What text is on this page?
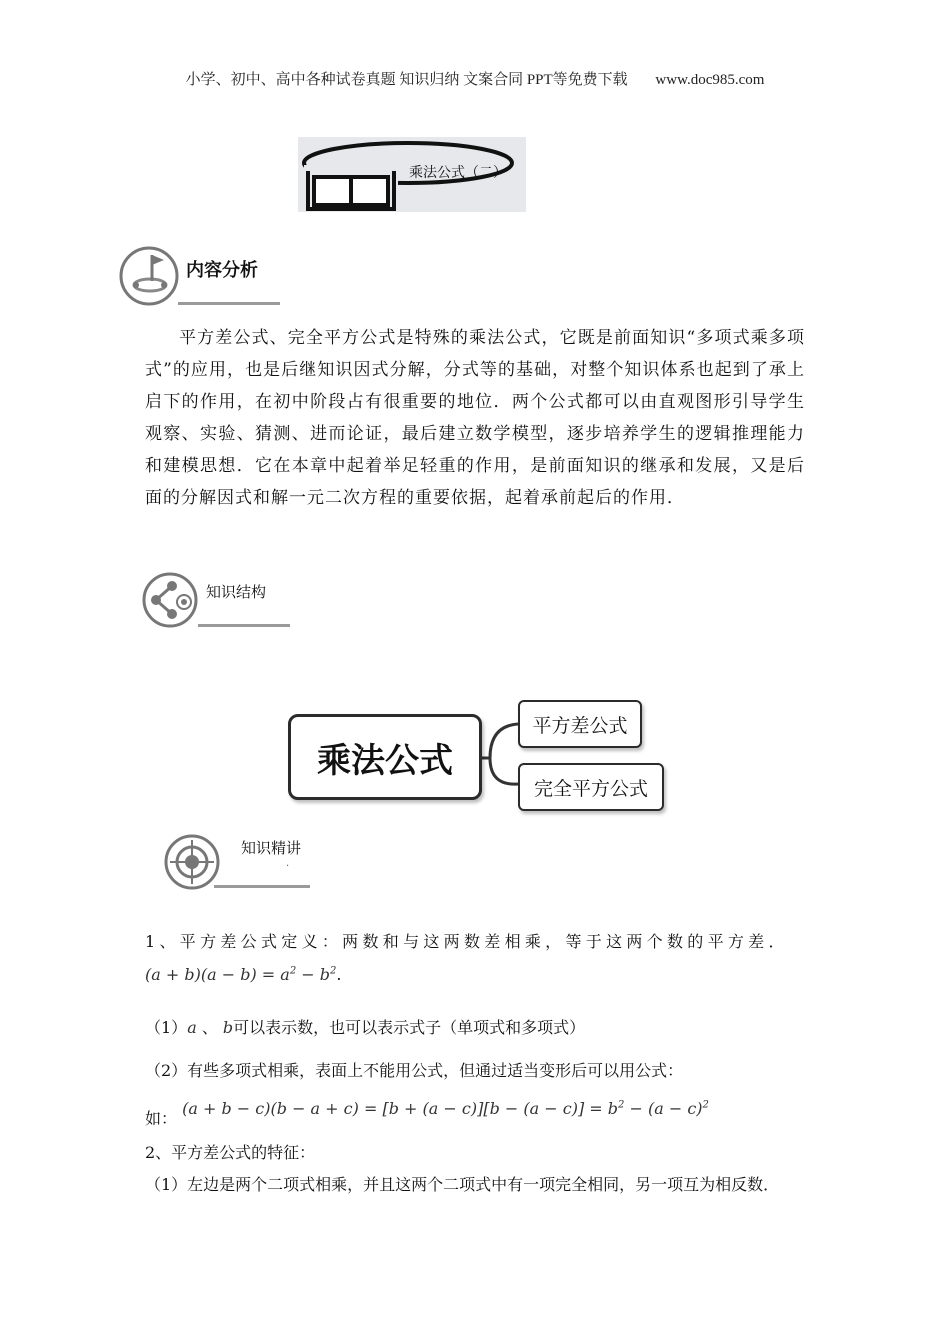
小学、初中、高中各种试卷真题 知识归纳 文案合同 PPT等免费下载 www.doc985.com
乘法公式（二）
内容分析
平方差公式、完全平方公式是特殊的乘法公式，它既是前面知识“多项式乘多项式”的应用，也是后继知识因式分解，分式等的基础，对整个知识体系也起到了承上启下的作用，在初中阶段占有很重要的地位．两个公式都可以由直观图形引导学生观察、实验、猜测、进而论证，最后建立数学模型，逐步培养学生的逻辑推理能力和建模思想．它在本章中起着举足轻重的作用，是前面知识的继承和发展，又是后面的分解因式和解一元二次方程的重要依据，起着承前起后的作用．
知识结构
乘法公式
平方差公式
完全平方公式
知识精讲
.
1、平方差公式定义：两数和与这两数差相乘，等于这两个数的平方差．
$(a + b)(a - b) = a^2 - b^2$.
（1）a 、 b可以表示数，也可以表示式子（单项式和多项式）
（2）有些多项式相乘，表面上不能用公式，但通过适当变形后可以用公式：
如： $(a + b - c)(b - a + c) = [b + (a - c)][b - (a - c)] = b^2 - (a - c)^2$
2、平方差公式的特征：
（1）左边是两个二项式相乘，并且这两个二项式中有一项完全相同，另一项互为相反数．
